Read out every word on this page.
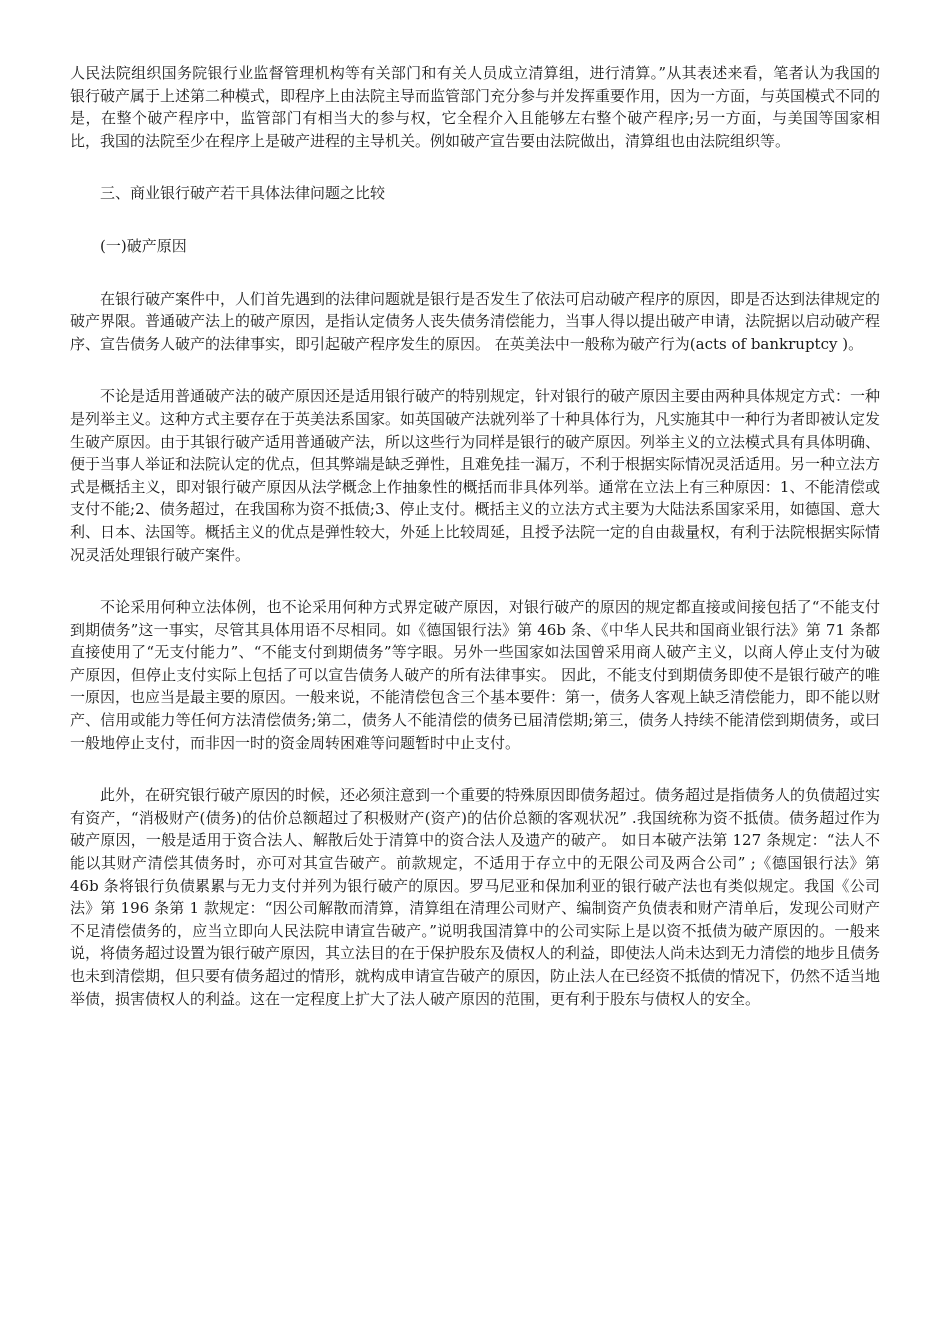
人民法院组织国务院银行业监督管理机构等有关部门和有关人员成立清算组，进行清算。”从其表述来看，笔者认为我国的银行破产属于上述第二种模式，即程序上由法院主导而监管部门充分参与并发挥重要作用，因为一方面，与英国模式不同的是，在整个破产程序中，监管部门有相当大的参与权，它全程介入且能够左右整个破产程序;另一方面，与美国等国家相比，我国的法院至少在程序上是破产进程的主导机关。例如破产宣告要由法院做出，清算组也由法院组织等。

三、商业银行破产若干具体法律问题之比较

(一)破产原因

在银行破产案件中，人们首先遇到的法律问题就是银行是否发生了依法可启动破产程序的原因，即是否达到法律规定的破产界限。普通破产法上的破产原因，是指认定债务人丧失债务清偿能力，当事人得以提出破产申请，法院据以启动破产程序、宣告债务人破产的法律事实，即引起破产程序发生的原因。 在英美法中一般称为破产行为(acts of bankruptcy )。

不论是适用普通破产法的破产原因还是适用银行破产的特别规定，针对银行的破产原因主要由两种具体规定方式：一种是列举主义。这种方式主要存在于英美法系国家。如英国破产法就列举了十种具体行为，凡实施其中一种行为者即被认定发生破产原因。由于其银行破产适用普通破产法，所以这些行为同样是银行的破产原因。列举主义的立法模式具有具体明确、便于当事人举证和法院认定的优点，但其弊端是缺乏弹性，且难免挂一漏万，不利于根据实际情况灵活适用。另一种立法方式是概括主义，即对银行破产原因从法学概念上作抽象性的概括而非具体列举。通常在立法上有三种原因：1、不能清偿或支付不能;2、债务超过，在我国称为资不抵债;3、停止支付。概括主义的立法方式主要为大陆法系国家采用，如德国、意大利、日本、法国等。概括主义的优点是弹性较大，外延上比较周延，且授予法院一定的自由裁量权，有利于法院根据实际情况灵活处理银行破产案件。

不论采用何种立法体例，也不论采用何种方式界定破产原因，对银行破产的原因的规定都直接或间接包括了“不能支付到期债务”这一事实，尽管其具体用语不尽相同。如《德国银行法》第 46b 条、《中华人民共和国商业银行法》第 71 条都直接使用了“无支付能力”、“不能支付到期债务”等字眼。另外一些国家如法国曾采用商人破产主义，以商人停止支付为破产原因，但停止支付实际上包括了可以宣告债务人破产的所有法律事实。 因此，不能支付到期债务即使不是银行破产的唯一原因，也应当是最主要的原因。一般来说，不能清偿包含三个基本要件：第一，债务人客观上缺乏清偿能力，即不能以财产、信用或能力等任何方法清偿债务;第二，债务人不能清偿的债务已届清偿期;第三，债务人持续不能清偿到期债务，或曰一般地停止支付，而非因一时的资金周转困难等问题暂时中止支付。

此外，在研究银行破产原因的时候，还必须注意到一个重要的特殊原因即债务超过。债务超过是指债务人的负债超过实有资产，“消极财产(债务)的估价总额超过了积极财产(资产)的估价总额的客观状况” .我国统称为资不抵债。债务超过作为破产原因，一般是适用于资合法人、解散后处于清算中的资合法人及遗产的破产。 如日本破产法第 127 条规定：“法人不能以其财产清偿其债务时，亦可对其宣告破产。前款规定，不适用于存立中的无限公司及两合公司” ;《德国银行法》第 46b 条将银行负债累累与无力支付并列为银行破产的原因。罗马尼亚和保加利亚的银行破产法也有类似规定。我国《公司法》第 196 条第 1 款规定：“因公司解散而清算，清算组在清理公司财产、编制资产负债表和财产清单后，发现公司财产不足清偿债务的，应当立即向人民法院申请宣告破产。”说明我国清算中的公司实际上是以资不抵债为破产原因的。一般来说，将债务超过设置为银行破产原因，其立法目的在于保护股东及债权人的利益，即使法人尚未达到无力清偿的地步且债务也未到清偿期，但只要有债务超过的情形，就构成申请宣告破产的原因，防止法人在已经资不抵债的情况下，仍然不适当地举债，损害债权人的利益。这在一定程度上扩大了法人破产原因的范围，更有利于股东与债权人的安全。
